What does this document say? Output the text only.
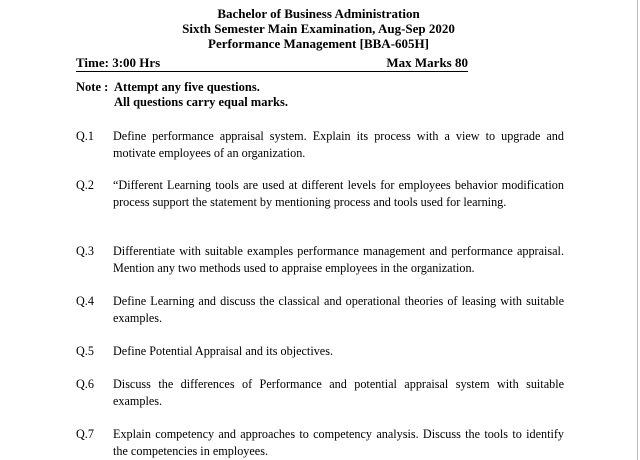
Bachelor of Business Administration
Sixth Semester Main Examination, Aug-Sep 2020
Performance Management [BBA-605H]
Time: 3:00 Hrs	Max Marks 80
Note : Attempt any five questions.
All questions carry equal marks.
Q.1	Define performance appraisal system. Explain its process with a view to upgrade and motivate employees of an organization.
Q.2	“Different Learning tools are used at different levels for employees behavior modification process support the statement by mentioning process and tools used for learning.
Q.3	Differentiate with suitable examples performance management and performance appraisal. Mention any two methods used to appraise employees in the organization.
Q.4	Define Learning and discuss the classical and operational theories of leasing with suitable examples.
Q.5	Define Potential Appraisal and its objectives.
Q.6	Discuss the differences of Performance and potential appraisal system with suitable examples.
Q.7	Explain competency and approaches to competency analysis. Discuss the tools to identify the competencies in employees.
